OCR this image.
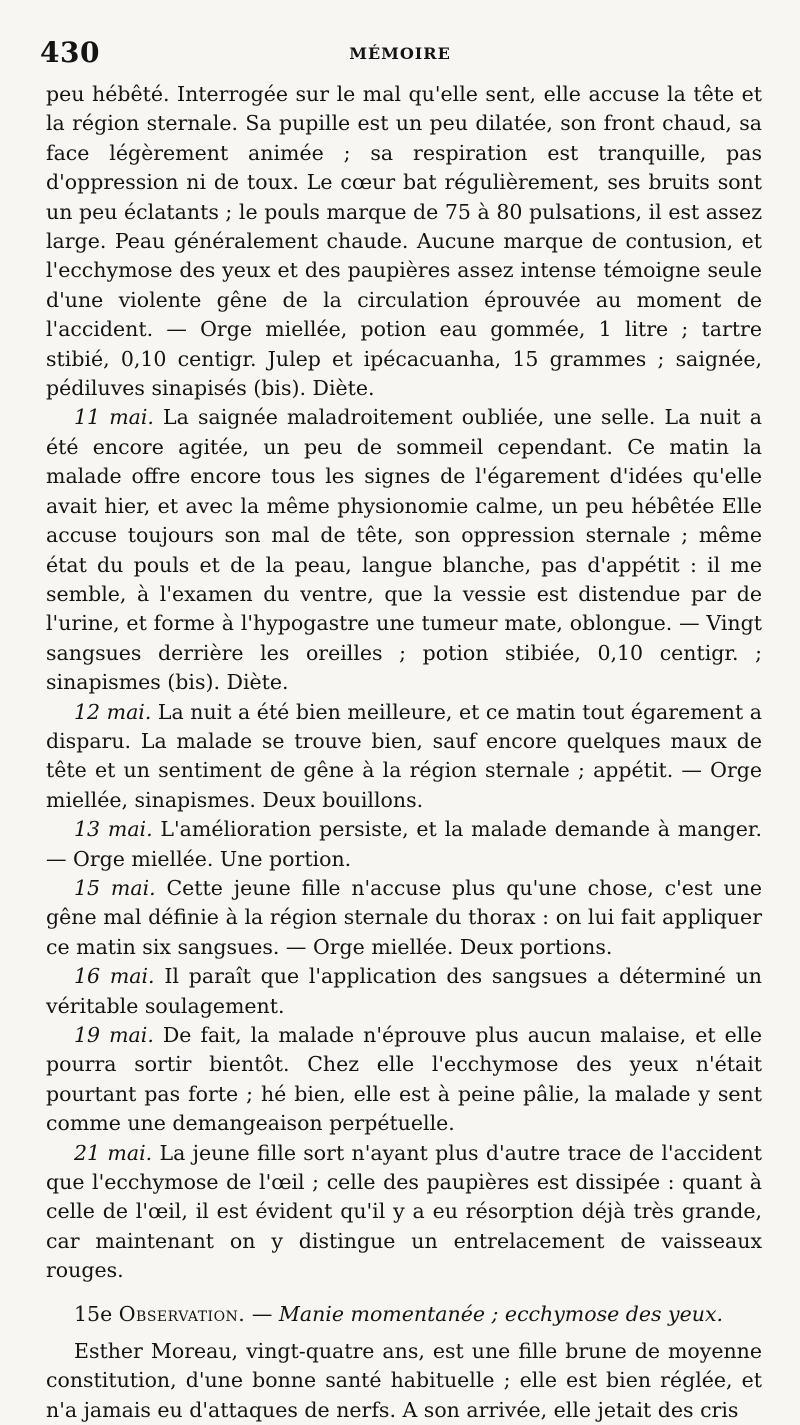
430	MÉMOIRE

peu hébêté. Interrogée sur le mal qu'elle sent, elle accuse la tête et la région sternale. Sa pupille est un peu dilatée, son front chaud, sa face légèrement animée ; sa respiration est tranquille, pas d'oppression ni de toux. Le cœur bat régulièrement, ses bruits sont un peu éclatants ; le pouls marque de 75 à 80 pulsations, il est assez large. Peau généralement chaude. Aucune marque de contusion, et l'ecchymose des yeux et des paupières assez intense témoigne seule d'une violente gêne de la circulation éprouvée au moment de l'accident. — Orge miellée, potion eau gommée, 1 litre ; tartre stibié, 0,10 centigr. Julep et ipécacuanha, 15 grammes ; saignée, pédiluves sinapisés (bis). Diète.

11 mai. La saignée maladroitement oubliée, une selle. La nuit a été encore agitée, un peu de sommeil cependant. Ce matin la malade offre encore tous les signes de l'égarement d'idées qu'elle avait hier, et avec la même physionomie calme, un peu hébêtée Elle accuse toujours son mal de tête, son oppression sternale ; même état du pouls et de la peau, langue blanche, pas d'appétit : il me semble, à l'examen du ventre, que la vessie est distendue par de l'urine, et forme à l'hypogastre une tumeur mate, oblongue. — Vingt sangsues derrière les oreilles ; potion stibiée, 0,10 centigr. ; sinapismes (bis). Diète.

12 mai. La nuit a été bien meilleure, et ce matin tout égarement a disparu. La malade se trouve bien, sauf encore quelques maux de tête et un sentiment de gêne à la région sternale ; appétit. — Orge miellée, sinapismes. Deux bouillons.

13 mai. L'amélioration persiste, et la malade demande à manger. — Orge miellée. Une portion.

15 mai. Cette jeune fille n'accuse plus qu'une chose, c'est une gêne mal définie à la région sternale du thorax : on lui fait appliquer ce matin six sangsues. — Orge miellée. Deux portions.

16 mai. Il paraît que l'application des sangsues a déterminé un véritable soulagement.

19 mai. De fait, la malade n'éprouve plus aucun malaise, et elle pourra sortir bientôt. Chez elle l'ecchymose des yeux n'était pourtant pas forte ; hé bien, elle est à peine pâlie, la malade y sent comme une demangeaison perpétuelle.

21 mai. La jeune fille sort n'ayant plus d'autre trace de l'accident que l'ecchymose de l'œil ; celle des paupières est dissipée : quant à celle de l'œil, il est évident qu'il y a eu résorption déjà très grande, car maintenant on y distingue un entrelacement de vaisseaux rouges.

15e Observation. — Manie momentanée ; ecchymose des yeux.

Esther Moreau, vingt-quatre ans, est une fille brune de moyenne constitution, d'une bonne santé habituelle ; elle est bien réglée, et n'a jamais eu d'attaques de nerfs. A son arrivée, elle jetait des cris
